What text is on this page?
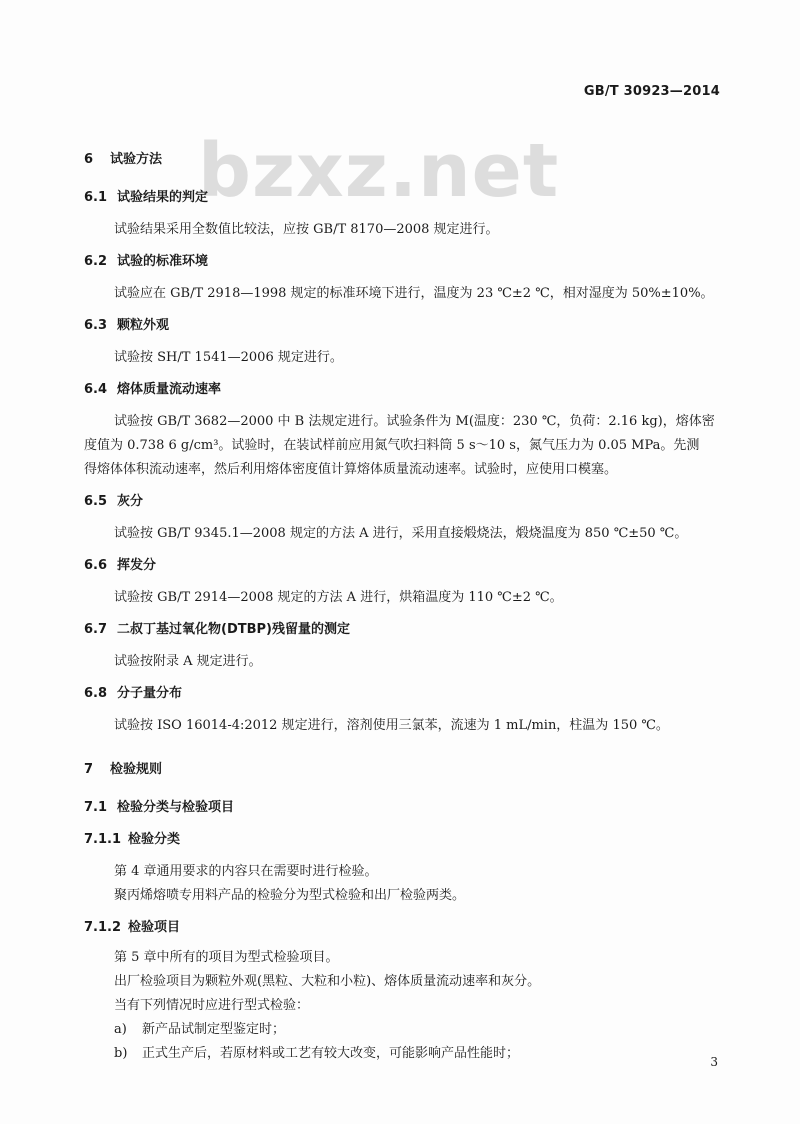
GB/T 30923—2014
bzxz.net
6 试验方法
6.1 试验结果的判定
试验结果采用全数值比较法，应按 GB/T 8170—2008 规定进行。
6.2 试验的标准环境
试验应在 GB/T 2918—1998 规定的标准环境下进行，温度为 23 ℃±2 ℃，相对湿度为 50%±10%。
6.3 颗粒外观
试验按 SH/T 1541—2006 规定进行。
6.4 熔体质量流动速率
试验按 GB/T 3682—2000 中 B 法规定进行。试验条件为 M(温度：230 ℃，负荷：2.16 kg)，熔体密
度值为 0.738 6 g/cm³。试验时，在装试样前应用氮气吹扫料筒 5 s～10 s，氮气压力为 0.05 MPa。先测
得熔体体积流动速率，然后利用熔体密度值计算熔体质量流动速率。试验时，应使用口模塞。
6.5 灰分
试验按 GB/T 9345.1—2008 规定的方法 A 进行，采用直接煅烧法，煅烧温度为 850 ℃±50 ℃。
6.6 挥发分
试验按 GB/T 2914—2008 规定的方法 A 进行，烘箱温度为 110 ℃±2 ℃。
6.7 二叔丁基过氧化物(DTBP)残留量的测定
试验按附录 A 规定进行。
6.8 分子量分布
试验按 ISO 16014-4:2012 规定进行，溶剂使用三氯苯，流速为 1 mL/min，柱温为 150 ℃。
7 检验规则
7.1 检验分类与检验项目
7.1.1 检验分类
第 4 章通用要求的内容只在需要时进行检验。
聚丙烯熔喷专用料产品的检验分为型式检验和出厂检验两类。
7.1.2 检验项目
第 5 章中所有的项目为型式检验项目。
出厂检验项目为颗粒外观(黑粒、大粒和小粒)、熔体质量流动速率和灰分。
当有下列情况时应进行型式检验：
a) 新产品试制定型鉴定时；
b) 正式生产后，若原材料或工艺有较大改变，可能影响产品性能时；
3
